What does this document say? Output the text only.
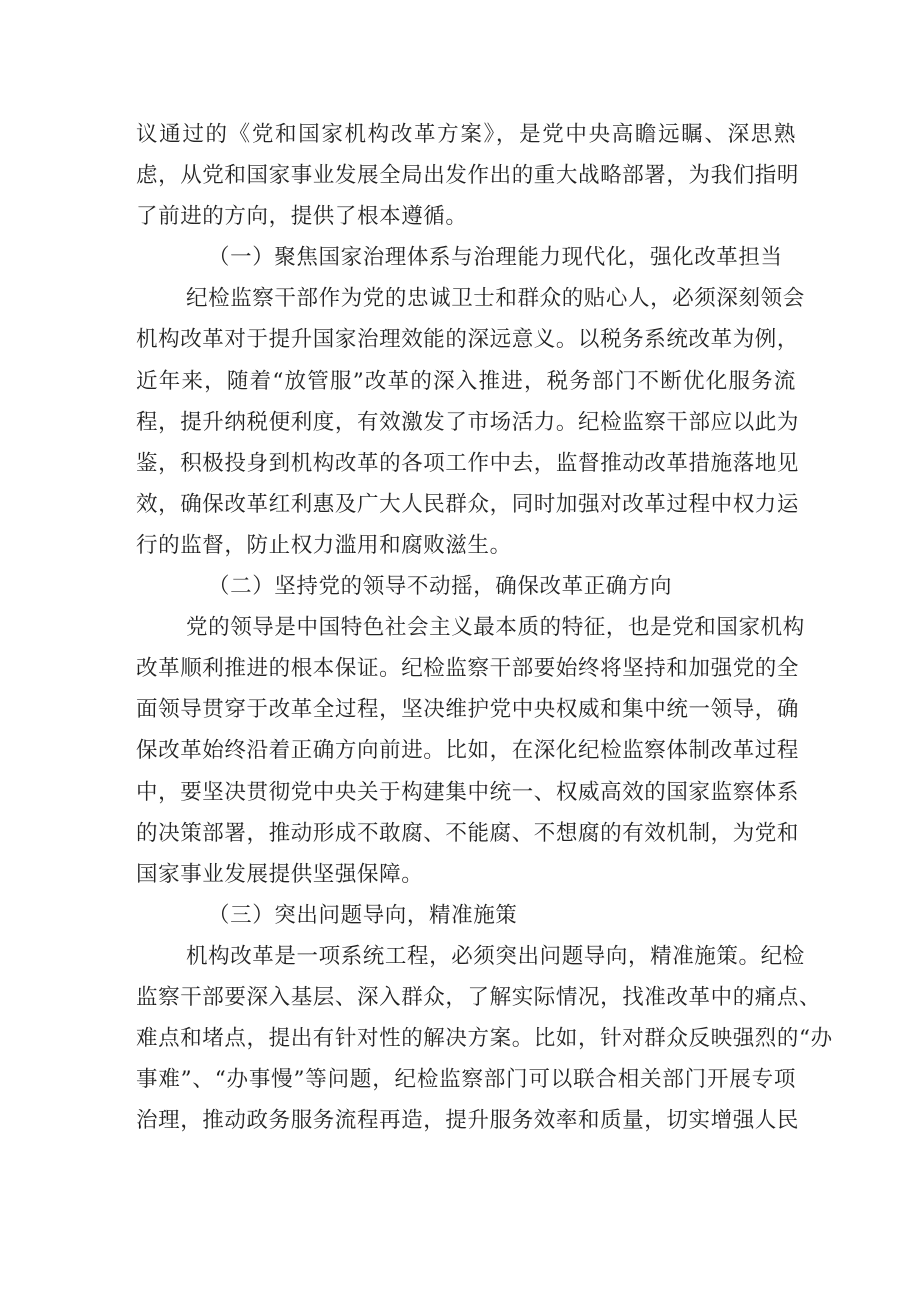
议通过的《党和国家机构改革方案》，是党中央高瞻远瞩、深思熟
虑，从党和国家事业发展全局出发作出的重大战略部署，为我们指明
了前进的方向，提供了根本遵循。
（一）聚焦国家治理体系与治理能力现代化，强化改革担当
纪检监察干部作为党的忠诚卫士和群众的贴心人，必须深刻领会
机构改革对于提升国家治理效能的深远意义。以税务系统改革为例，
近年来，随着“放管服”改革的深入推进，税务部门不断优化服务流
程，提升纳税便利度，有效激发了市场活力。纪检监察干部应以此为
鉴，积极投身到机构改革的各项工作中去，监督推动改革措施落地见
效，确保改革红利惠及广大人民群众，同时加强对改革过程中权力运
行的监督，防止权力滥用和腐败滋生。
（二）坚持党的领导不动摇，确保改革正确方向
党的领导是中国特色社会主义最本质的特征，也是党和国家机构
改革顺利推进的根本保证。纪检监察干部要始终将坚持和加强党的全
面领导贯穿于改革全过程，坚决维护党中央权威和集中统一领导，确
保改革始终沿着正确方向前进。比如，在深化纪检监察体制改革过程
中，要坚决贯彻党中央关于构建集中统一、权威高效的国家监察体系
的决策部署，推动形成不敢腐、不能腐、不想腐的有效机制，为党和
国家事业发展提供坚强保障。
（三）突出问题导向，精准施策
机构改革是一项系统工程，必须突出问题导向，精准施策。纪检
监察干部要深入基层、深入群众，了解实际情况，找准改革中的痛点、
难点和堵点，提出有针对性的解决方案。比如，针对群众反映强烈的“办
事难”、“办事慢”等问题，纪检监察部门可以联合相关部门开展专项
治理，推动政务服务流程再造，提升服务效率和质量，切实增强人民
